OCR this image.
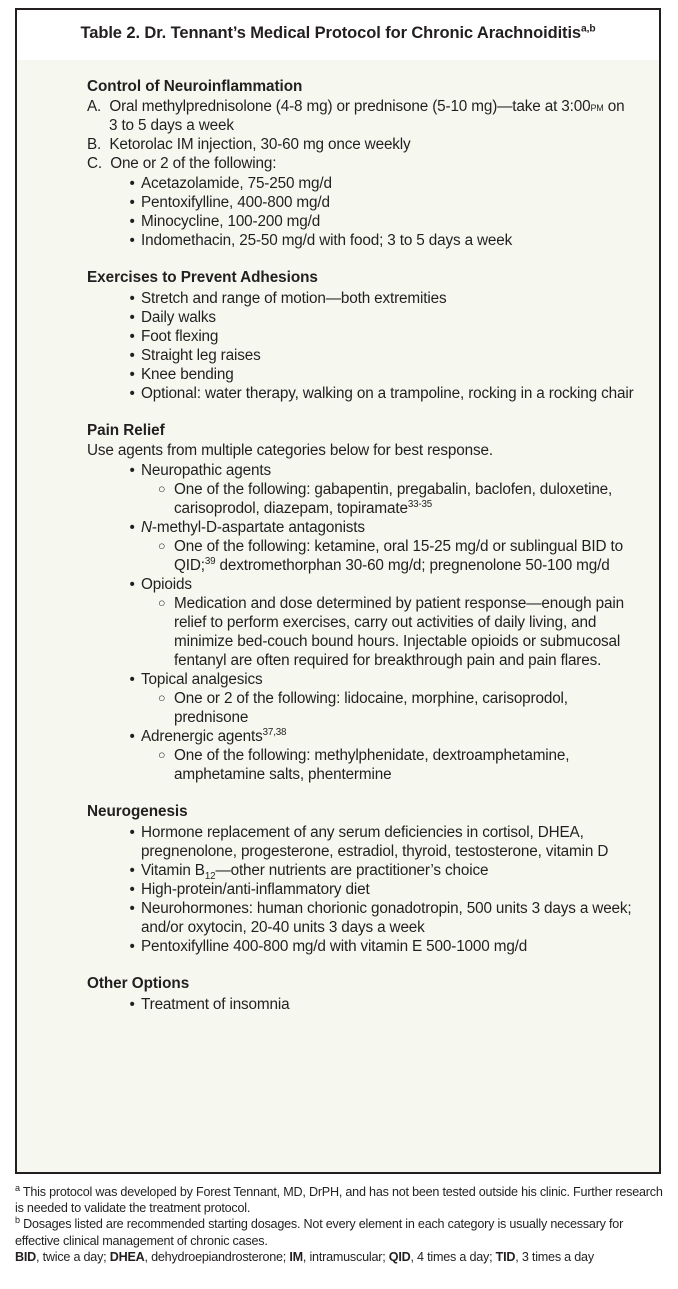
Table 2. Dr. Tennant’s Medical Protocol for Chronic Arachnoiditis$^{a,b}$
Control of Neuroinflammation
A.  Oral methylprednisolone (4-8 mg) or prednisone (5-10 mg)—take at 3:00pm on 3 to 5 days a week
B.  Ketorolac IM injection, 30-60 mg once weekly
C.  One or 2 of the following:
• Acetazolamide, 75-250 mg/d
• Pentoxifylline, 400-800 mg/d
• Minocycline, 100-200 mg/d
• Indomethacin, 25-50 mg/d with food; 3 to 5 days a week
Exercises to Prevent Adhesions
• Stretch and range of motion—both extremities
• Daily walks
• Foot flexing
• Straight leg raises
• Knee bending
• Optional: water therapy, walking on a trampoline, rocking in a rocking chair
Pain Relief
Use agents from multiple categories below for best response.
• Neuropathic agents
○ One of the following: gabapentin, pregabalin, baclofen, duloxetine, carisoprodol, diazepam, topiramate$^{33-35}$
• N-methyl-D-aspartate antagonists
○ One of the following: ketamine, oral 15-25 mg/d or sublingual BID to QID;$^{39}$ dextromethorphan 30-60 mg/d; pregnenolone 50-100 mg/d
• Opioids
○ Medication and dose determined by patient response—enough pain relief to perform exercises, carry out activities of daily living, and minimize bed-couch bound hours. Injectable opioids or submucosal fentanyl are often required for breakthrough pain and pain flares.
• Topical analgesics
○ One or 2 of the following: lidocaine, morphine, carisoprodol, prednisone
• Adrenergic agents$^{37,38}$
○ One of the following: methylphenidate, dextroamphetamine, amphetamine salts, phentermine
Neurogenesis
• Hormone replacement of any serum deficiencies in cortisol, DHEA, pregnenolone, progesterone, estradiol, thyroid, testosterone, vitamin D
• Vitamin $B_{12}—other$ nutrients are practitioner’s choice
• High-protein/anti-inflammatory diet
• Neurohormones: human chorionic gonadotropin, 500 units 3 days a week; and/or oxytocin, 20-40 units 3 days a week
• Pentoxifylline 400-800 mg/d with vitamin E 500-1000 mg/d
Other Options
• Treatment of insomnia
$^a$ This protocol was developed by Forest Tennant, MD, DrPH, and has not been tested outside his clinic. Further research is needed to validate the treatment protocol.
$^b$ Dosages listed are recommended starting dosages. Not every element in each category is usually necessary for effective clinical management of chronic cases.
BID, twice a day; DHEA, dehydroepiandrosterone; IM, intramuscular; QID, 4 times a day; TID, 3 times a day
